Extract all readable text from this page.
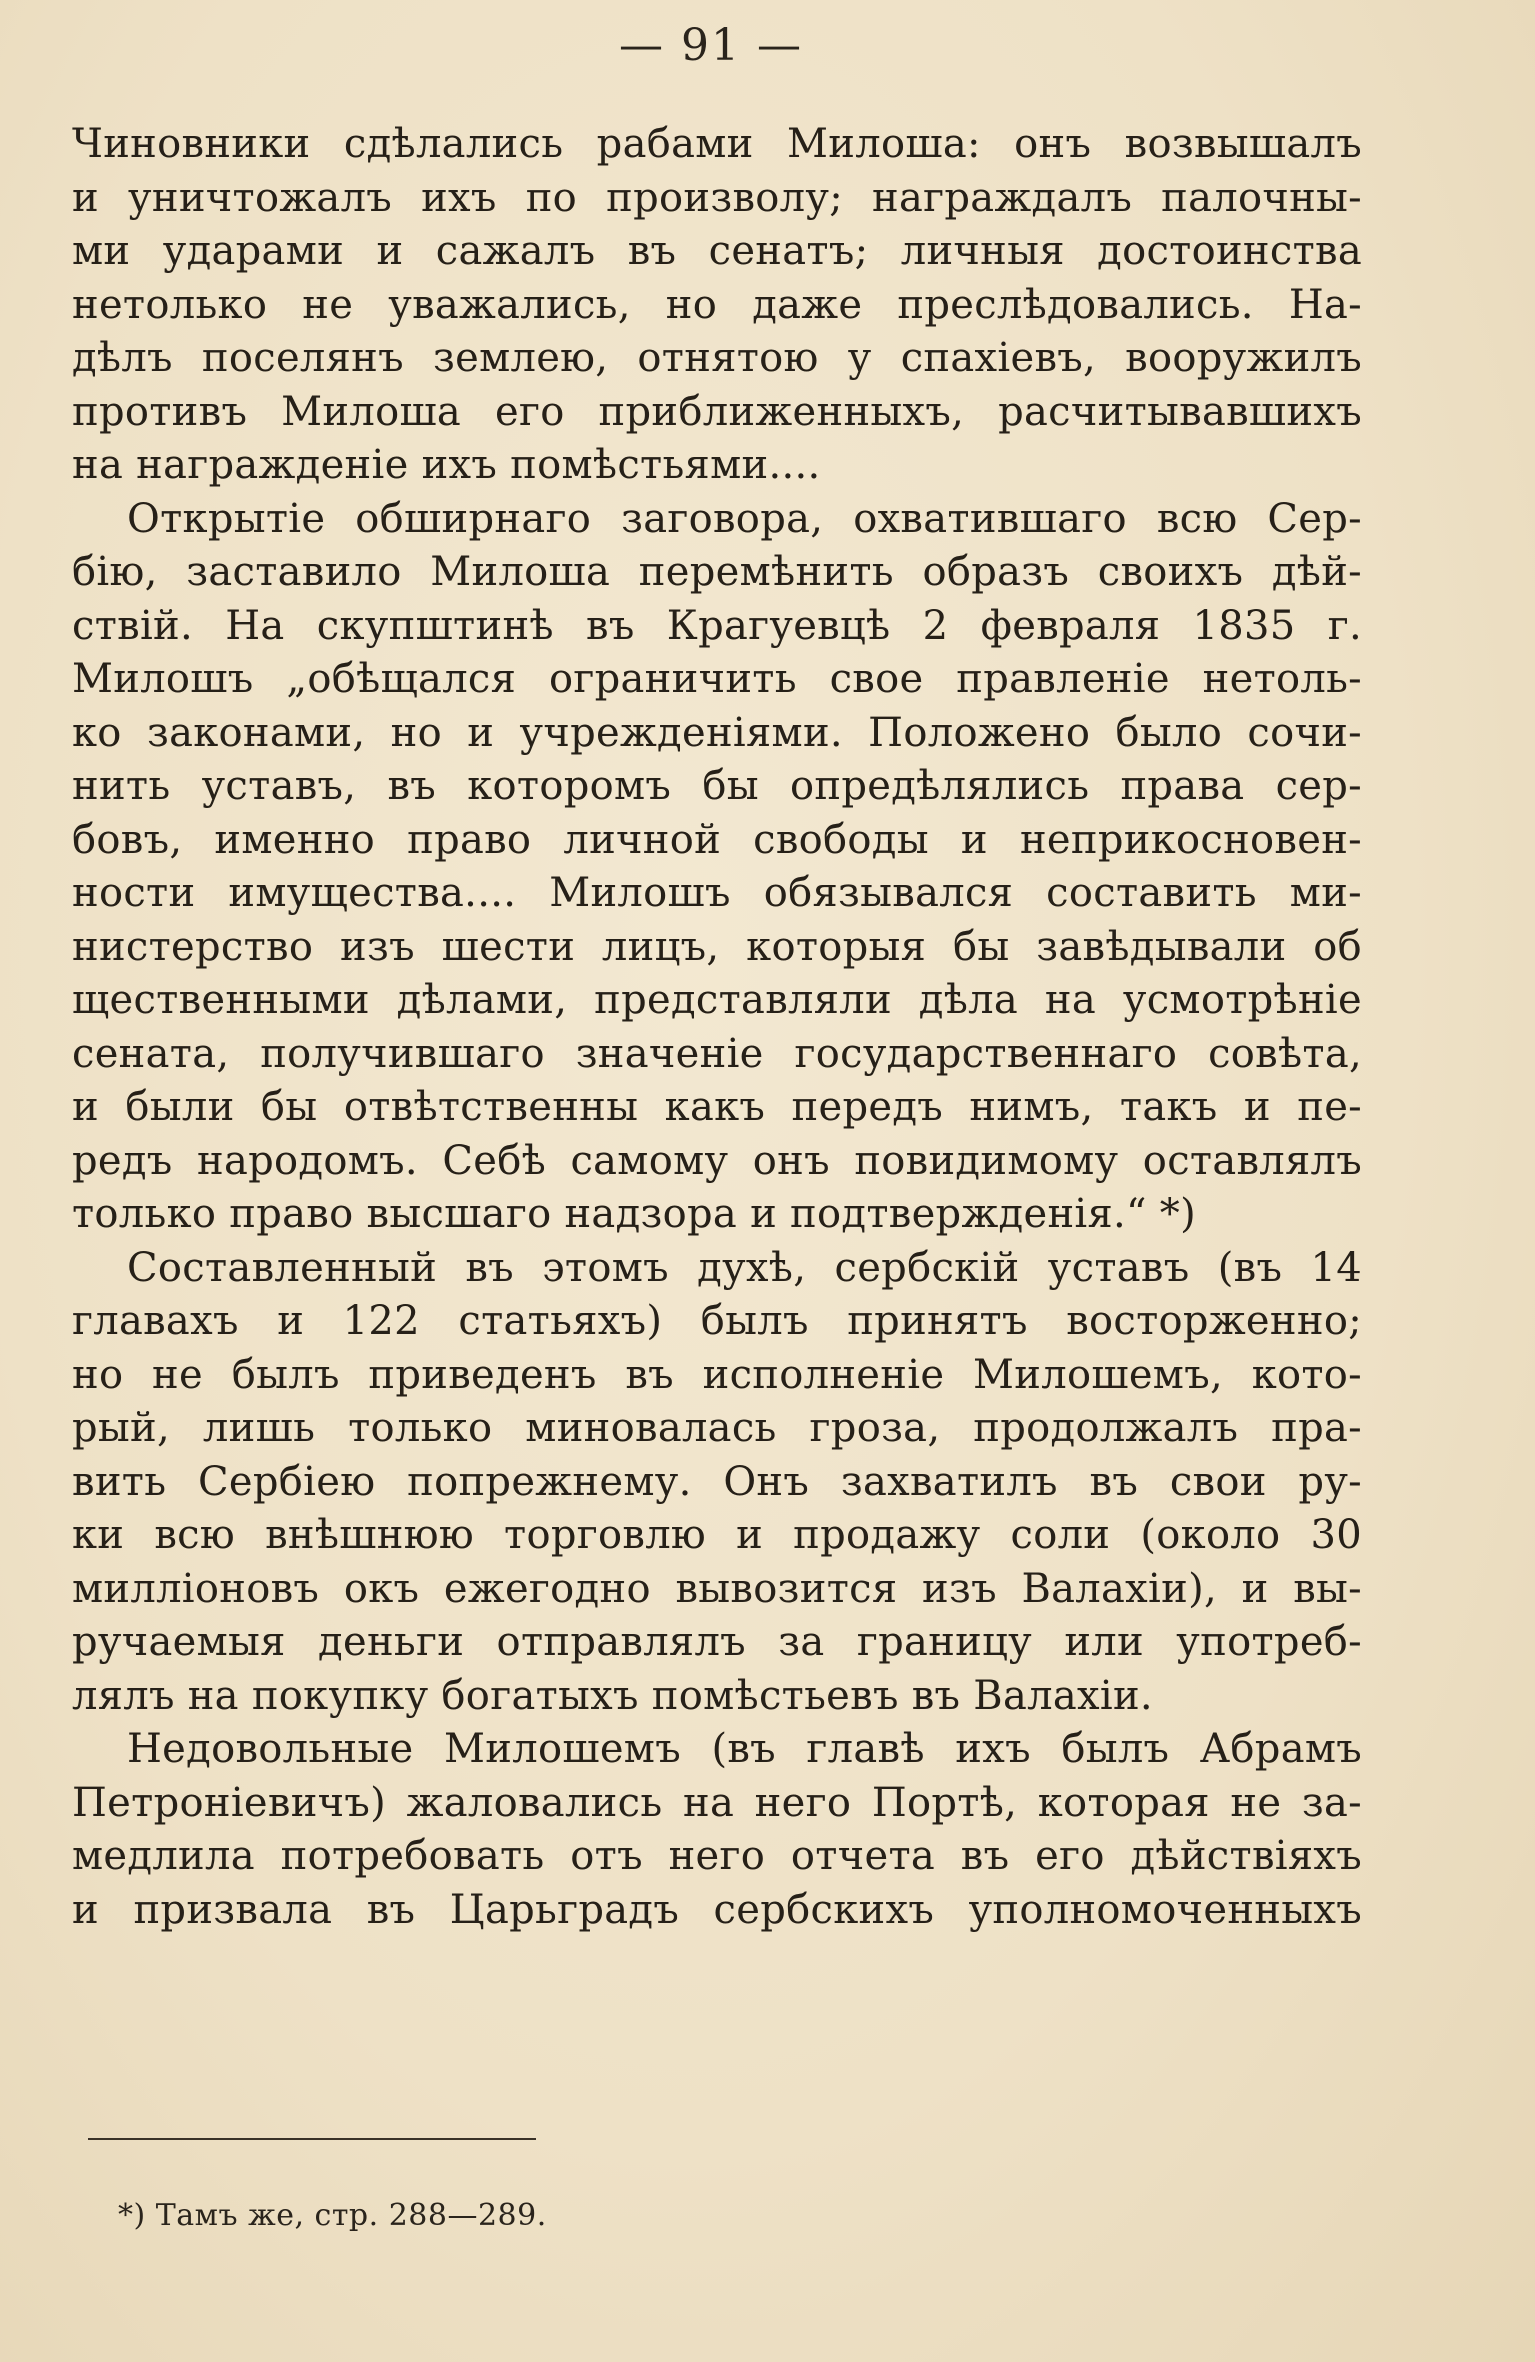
— 91 —
Чиновники сдѣлались рабами Милоша: онъ возвышалъ
и уничтожалъ ихъ по произволу; награждалъ палочны-
ми ударами и сажалъ въ сенатъ; личныя достоинства
нетолько не уважались, но даже преслѣдовались. На-
дѣлъ поселянъ землею, отнятою у спахіевъ, вооружилъ
противъ Милоша его приближенныхъ, расчитывавшихъ
на награжденіе ихъ помѣстьями....
Открытіе обширнаго заговора, охватившаго всю Сер-
бію, заставило Милоша перемѣнить образъ своихъ дѣй-
ствій. На скупштинѣ въ Крагуевцѣ 2 февраля 1835 г.
Милошъ „обѣщался ограничить свое правленіе нетоль-
ко законами, но и учрежденіями. Положено было сочи-
нить уставъ, въ которомъ бы опредѣлялись права сер-
бовъ, именно право личной свободы и неприкосновен-
ности имущества.... Милошъ обязывался составить ми-
нистерство изъ шести лицъ, которыя бы завѣдывали об
щественными дѣлами, представляли дѣла на усмотрѣніе
сената, получившаго значеніе государственнаго совѣта,
и были бы отвѣтственны какъ передъ нимъ, такъ и пе-
редъ народомъ. Себѣ самому онъ повидимому оставлялъ
только право высшаго надзора и подтвержденія.“ *)
Составленный въ этомъ духѣ, сербскій уставъ (въ 14
главахъ и 122 статьяхъ) былъ принятъ восторженно;
но не былъ приведенъ въ исполненіе Милошемъ, кото-
рый, лишь только миновалась гроза, продолжалъ пра-
вить Сербіею попрежнему. Онъ захватилъ въ свои ру-
ки всю внѣшнюю торговлю и продажу соли (около 30
милліоновъ окъ ежегодно вывозится изъ Валахіи), и вы-
ручаемыя деньги отправлялъ за границу или употреб-
лялъ на покупку богатыхъ помѣстьевъ въ Валахіи.
Недовольные Милошемъ (въ главѣ ихъ былъ Абрамъ
Петроніевичъ) жаловались на него Портѣ, которая не за-
медлила потребовать отъ него отчета въ его дѣйствіяхъ
и призвала въ Царьградъ сербскихъ уполномоченныхъ
*) Тамъ же, стр. 288—289.
